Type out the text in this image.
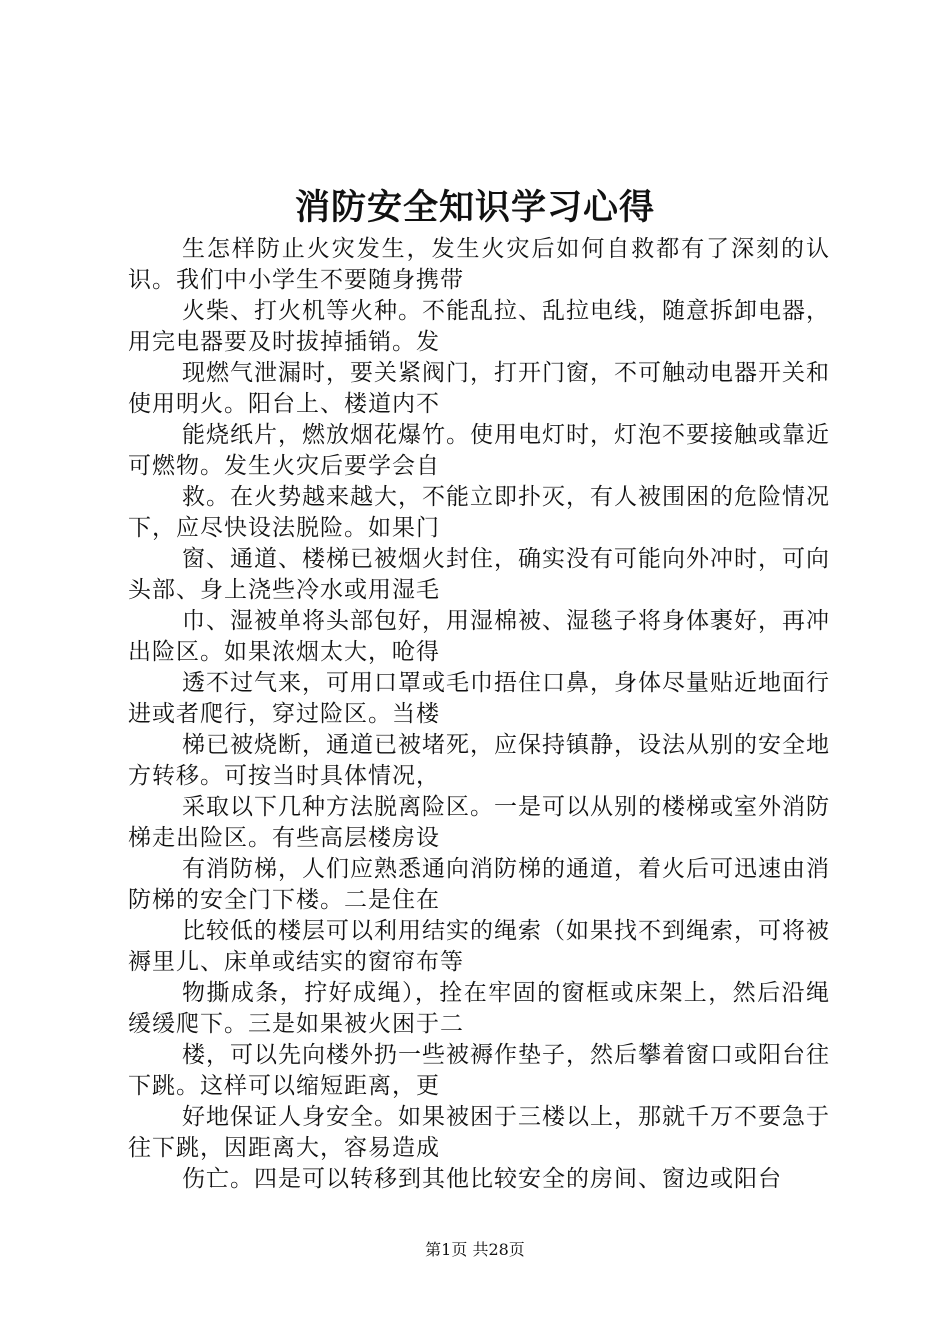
消防安全知识学习心得

生怎样防止火灾发生，发生火灾后如何自救都有了深刻的认识。我们中小学生不要随身携带

火柴、打火机等火种。不能乱拉、乱拉电线，随意拆卸电器，用完电器要及时拔掉插销。发

现燃气泄漏时，要关紧阀门，打开门窗，不可触动电器开关和使用明火。阳台上、楼道内不

能烧纸片，燃放烟花爆竹。使用电灯时，灯泡不要接触或靠近可燃物。发生火灾后要学会自

救。在火势越来越大，不能立即扑灭，有人被围困的危险情况下，应尽快设法脱险。如果门

窗、通道、楼梯已被烟火封住，确实没有可能向外冲时，可向头部、身上浇些冷水或用湿毛

巾、湿被单将头部包好，用湿棉被、湿毯子将身体裹好，再冲出险区。如果浓烟太大，呛得

透不过气来，可用口罩或毛巾捂住口鼻，身体尽量贴近地面行进或者爬行，穿过险区。当楼

梯已被烧断，通道已被堵死，应保持镇静，设法从别的安全地方转移。可按当时具体情况，

采取以下几种方法脱离险区。一是可以从别的楼梯或室外消防梯走出险区。有些高层楼房设

有消防梯，人们应熟悉通向消防梯的通道，着火后可迅速由消防梯的安全门下楼。二是住在

比较低的楼层可以利用结实的绳索（如果找不到绳索，可将被褥里儿、床单或结实的窗帘布等

物撕成条，拧好成绳），拴在牢固的窗框或床架上，然后沿绳缓缓爬下。三是如果被火困于二

楼，可以先向楼外扔一些被褥作垫子，然后攀着窗口或阳台往下跳。这样可以缩短距离，更

好地保证人身安全。如果被困于三楼以上，那就千万不要急于往下跳，因距离大，容易造成

伤亡。四是可以转移到其他比较安全的房间、窗边或阳台

第1页 共28页
